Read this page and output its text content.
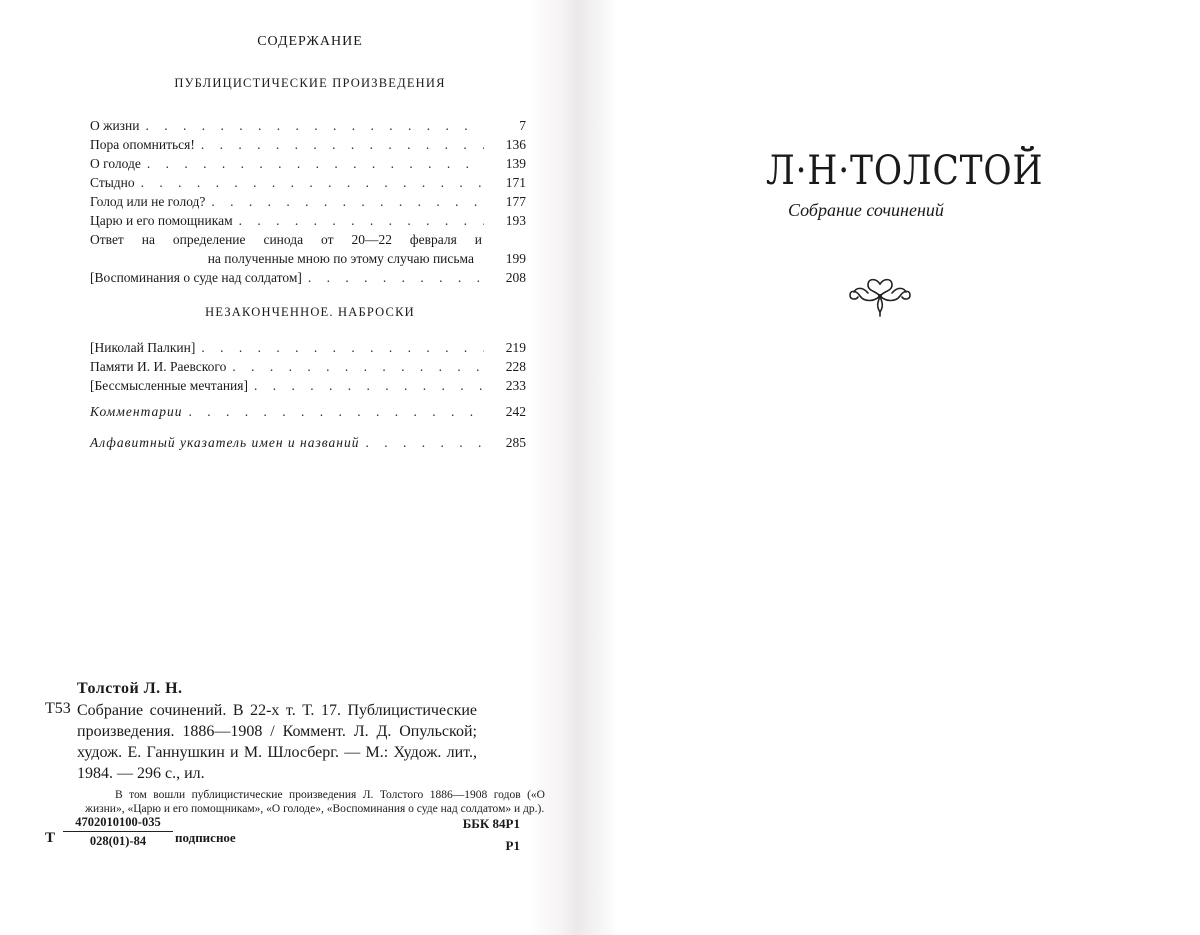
СОДЕРЖАНИЕ
ПУБЛИЦИСТИЧЕСКИЕ ПРОИЗВЕДЕНИЯ
О жизни . . .	7
Пора опомниться! . . .	136
О голоде . . .	139
Стыдно . . .	171
Голод или не голод? . . .	177
Царю и его помощникам . . .	193
Ответ на определение синода от 20—22 февраля и
на полученные мною по этому случаю письма	199
[Воспоминания о суде над солдатом] . . .	208
НЕЗАКОНЧЕННОЕ. НАБРОСКИ
[Николай Палкин] . . .	219
Памяти И. И. Раевского . . .	228
[Бессмысленные мечтания] . . .	233
Комментарии . . .	242
Алфавитный указатель имен и названий . . .	285
Толстой Л. Н.
Т53 Собрание сочинений. В 22-х т. Т. 17. Публицистические произведения. 1886—1908 / Коммент. Л. Д. Опульской; худож. Е. Ганнушкин и М. Шлосберг. — М.: Худож. лит., 1984. — 296 с., ил.
В том вошли публицистические произведения Л. Толстого 1886—1908 годов («О жизни», «Царю и его помощникам», «О голоде», «Воспоминания о суде над солдатом» и др.).
Т $\frac{4702010100-035}{028(01)-84}$ подписное
ББК 84Р1
Р1
Л·Н·ТОЛСТОЙ
Собрание сочинений
